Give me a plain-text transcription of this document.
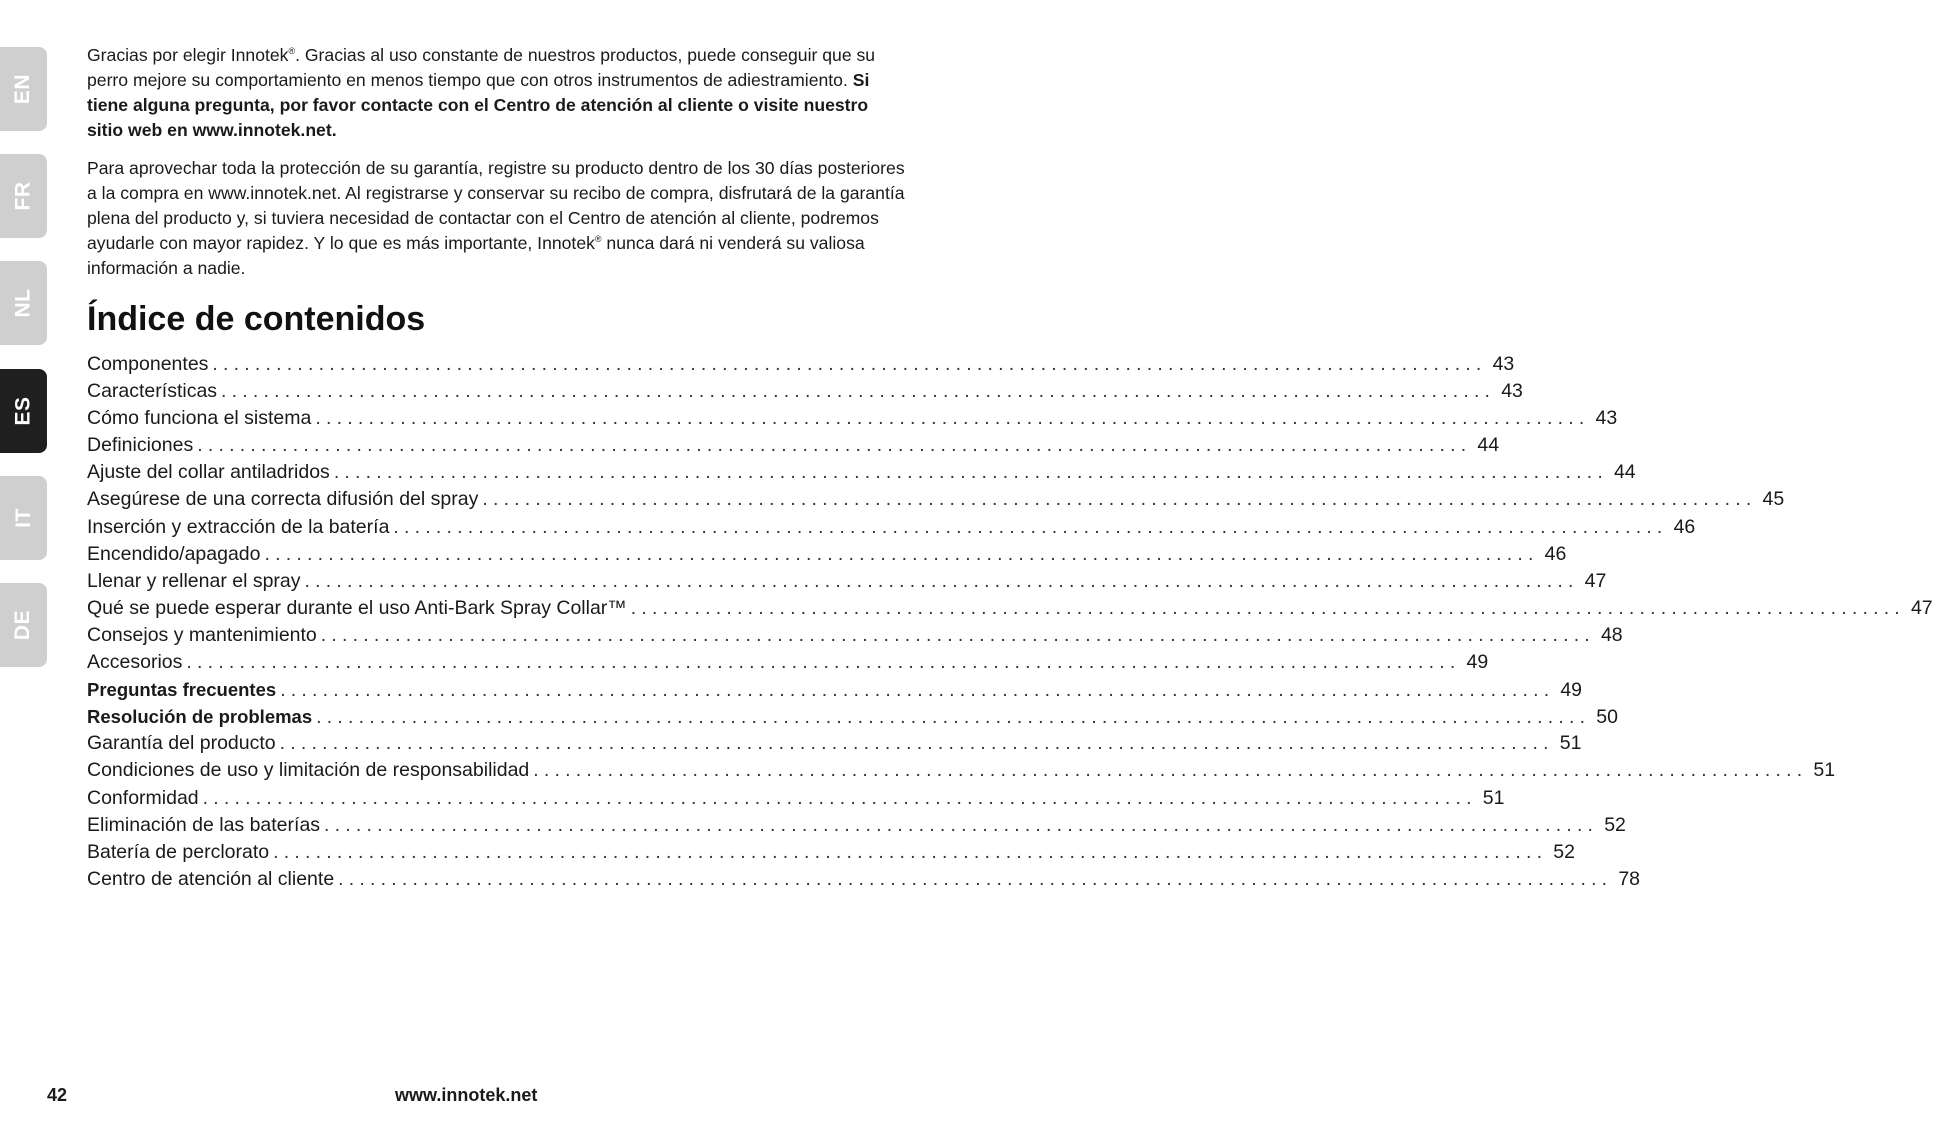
EN
FR
NL
ES
IT
DE

Gracias por elegir Innotek®. Gracias al uso constante de nuestros productos, puede conseguir que su perro mejore su comportamiento en menos tiempo que con otros instrumentos de adiestramiento. Si tiene alguna pregunta, por favor contacte con el Centro de atención al cliente o visite nuestro sitio web en www.innotek.net.

Para aprovechar toda la protección de su garantía, registre su producto dentro de los 30 días posteriores a la compra en www.innotek.net. Al registrarse y conservar su recibo de compra, disfrutará de la garantía plena del producto y, si tuviera necesidad de contactar con el Centro de atención al cliente, podremos ayudarle con mayor rapidez. Y lo que es más importante, Innotek® nunca dará ni venderá su valiosa información a nadie.

Índice de contenidos
Componentes ........................................................................................................................ 43
Características ........................................................................................................................ 43
Cómo funciona el sistema ........................................................................................................................ 43
Definiciones ........................................................................................................................ 44
Ajuste del collar antiladridos ........................................................................................................................ 44
Asegúrese de una correcta difusión del spray ........................................................................................................................ 45
Inserción y extracción de la batería ........................................................................................................................ 46
Encendido/apagado ........................................................................................................................ 46
Llenar y rellenar el spray ........................................................................................................................ 47
Qué se puede esperar durante el uso Anti-Bark Spray Collar™ ........................................................................................................................ 47
Consejos y mantenimiento ........................................................................................................................ 48
Accesorios ........................................................................................................................ 49
Preguntas frecuentes ........................................................................................................................ 49
Resolución de problemas ........................................................................................................................ 50
Garantía del producto ........................................................................................................................ 51
Condiciones de uso y limitación de responsabilidad ........................................................................................................................ 51
Conformidad ........................................................................................................................ 51
Eliminación de las baterías ........................................................................................................................ 52
Batería de perclorato ........................................................................................................................ 52
Centro de atención al cliente ........................................................................................................................ 78
42	www.innotek.net
